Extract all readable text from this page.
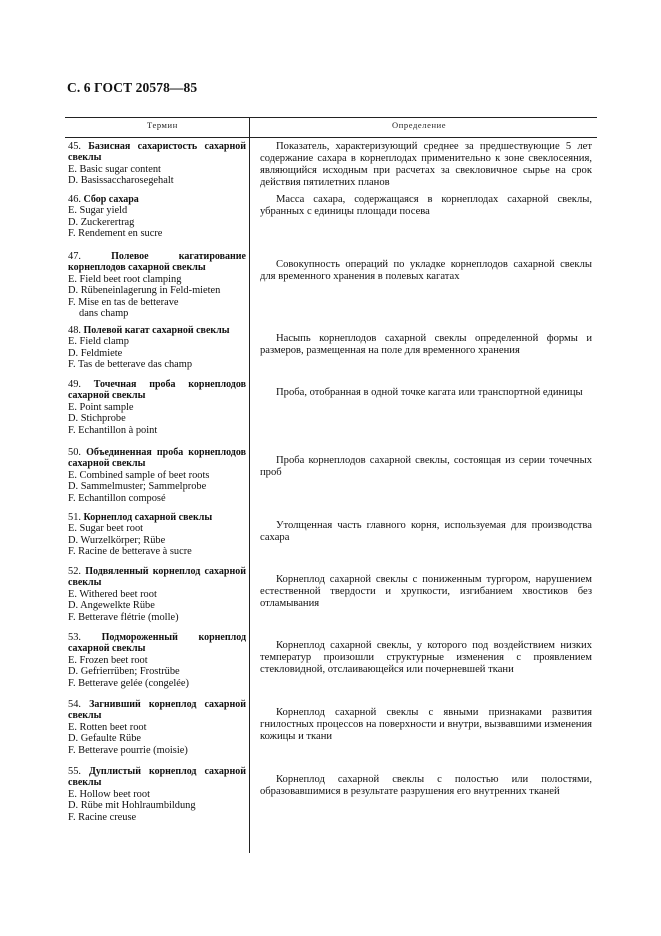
С. 6 ГОСТ 20578—85
Термин	Определение
45. Базисная сахаристость сахарной свеклы
E. Basic sugar content
D. Basissaccharosegehalt
Показатель, характеризующий среднее за предшествующие 5 лет содержание сахара в корнеплодах применительно к зоне свеклосеяния, являющийся исходным при расчетах за свекловичное сырье на срок действия пятилетних планов
46. Сбор сахара
E. Sugar yield
D. Zuckerertrag
F. Rendement en sucre
Масса сахара, содержащаяся в корнеплодах сахарной свеклы, убранных с единицы площади посева
47.	Полевое кагатирование корнеплодов сахарной свеклы
E. Field beet root clamping
D. Rübeneinlagerung in Feld-mieten
F. Mise en tas de betterave
dans champ
Совокупность операций по укладке корнеплодов сахарной свеклы для временного хранения в полевых кагатах
48. Полевой кагат сахарной свеклы
E. Field clamp
D. Feldmiete
F. Tas de betterave das champ
Насыпь корнеплодов сахарной свеклы определенной формы и размеров, размещенная на поле для временного хранения
49. Точечная проба корнеплодов сахарной свеклы
E. Point sample
D. Stichprobe
F. Echantillon à point
Проба, отобранная в одной точке кагата или транспортной единицы
50. Объединенная проба корнеплодов сахарной свеклы
E. Combined sample of beet roots
D. Sammelmuster; Sammelprobe
F. Echantillon composé
Проба корнеплодов сахарной свеклы, состоящая из серии точечных проб
51. Корнеплод сахарной свеклы
E. Sugar beet root
D. Wurzelkörper; Rübe
F. Racine de betterave à sucre
Утолщенная часть главного корня, используемая для производства сахара
52. Подвяленный корнеплод сахарной свеклы
E. Withered beet root
D. Angewelkte Rübe
F. Betterave flétrie (molle)
Корнеплод сахарной свеклы с пониженным тургором, нарушением естественной твердости и хрупкости, изгибанием хвостиков без отламывания
53. Подмороженный корнеплод сахарной свеклы
E. Frozen beet root
D. Gefrierrüben; Frostrübe
F. Betterave gelée (congelée)
Корнеплод сахарной свеклы, у которого под воздействием низких температур произошли структурные изменения с проявлением стекловидной, отслаивающейся или почерневшей ткани
54. Загнивший корнеплод сахарной свеклы
E. Rotten beet root
D. Gefaulte Rübe
F. Betterave pourrie (moisie)
Корнеплод сахарной свеклы с явными признаками развития гнилостных процессов на поверхности и внутри, вызвавшими изменения кожицы и ткани
55. Дуплистый корнеплод сахарной свеклы
E. Hollow beet root
D. Rübe mit Hohlraumbildung
F. Racine creuse
Корнеплод сахарной свеклы с полостью или полостями, образовавшимися в результате разрушения его внутренних тканей
